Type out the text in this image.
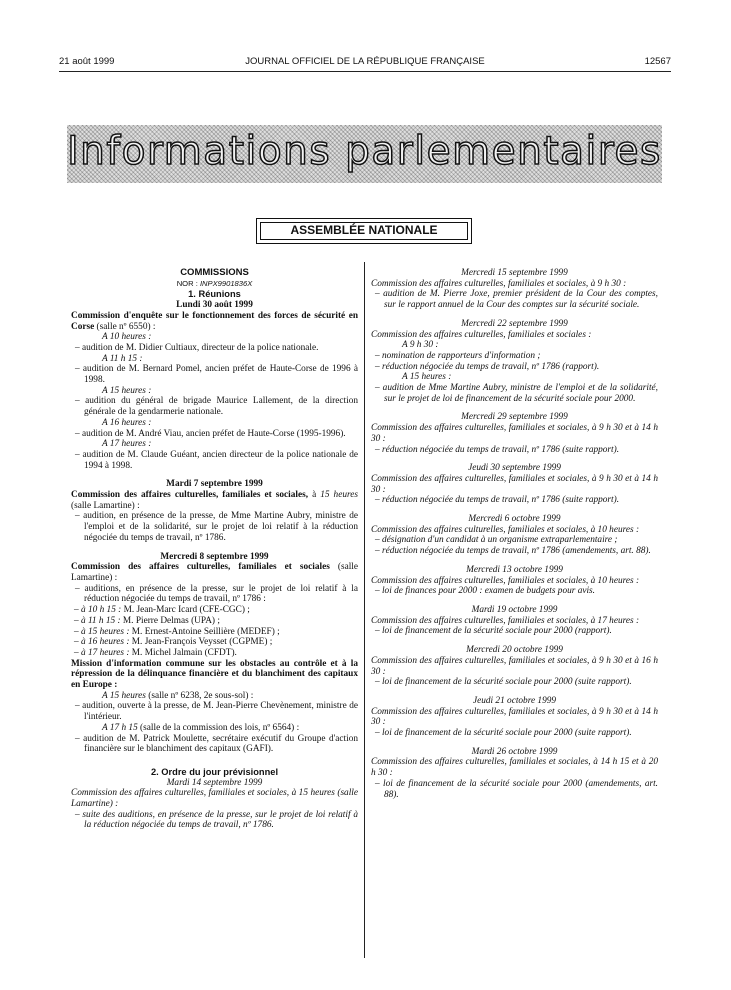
21 août 1999	JOURNAL OFFICIEL DE LA RÉPUBLIQUE FRANÇAISE	12567
Informations parlementaires
ASSEMBLÉE NATIONALE

COMMISSIONS

NOR : INPX9901836X

1. Réunions

Lundi 30 août 1999

Commission d'enquête sur le fonctionnement des forces de sécurité en Corse (salle nº 6550) :

A 10 heures :

– audition de M. Didier Cultiaux, directeur de la police nationale.

A 11 h 15 :

– audition de M. Bernard Pomel, ancien préfet de Haute-Corse de 1996 à 1998.

A 15 heures :

– audition du général de brigade Maurice Lallement, de la direction générale de la gendarmerie nationale.

A 16 heures :

– audition de M. André Viau, ancien préfet de Haute-Corse (1995-1996).

A 17 heures :

– audition de M. Claude Guéant, ancien directeur de la police nationale de 1994 à 1998.

Mardi 7 septembre 1999

Commission des affaires culturelles, familiales et sociales, à 15 heures (salle Lamartine) :

– audition, en présence de la presse, de Mme Martine Aubry, ministre de l'emploi et de la solidarité, sur le projet de loi relatif à la réduction négociée du temps de travail, nº 1786.

Mercredi 8 septembre 1999

Commission des affaires culturelles, familiales et sociales (salle Lamartine) :

– auditions, en présence de la presse, sur le projet de loi relatif à la réduction négociée du temps de travail, nº 1786 :

– à 10 h 15 : M. Jean-Marc Icard (CFE-CGC) ;

– à 11 h 15 : M. Pierre Delmas (UPA) ;

– à 15 heures : M. Ernest-Antoine Seillière (MEDEF) ;

– à 16 heures : M. Jean-François Veysset (CGPME) ;

– à 17 heures : M. Michel Jalmain (CFDT).

Mission d'information commune sur les obstacles au contrôle et à la répression de la délinquance financière et du blanchiment des capitaux en Europe :

A 15 heures (salle nº 6238, 2e sous-sol) :

– audition, ouverte à la presse, de M. Jean-Pierre Chevènement, ministre de l'intérieur.

A 17 h 15 (salle de la commission des lois, nº 6564) :

– audition de M. Patrick Moulette, secrétaire exécutif du Groupe d'action financière sur le blanchiment des capitaux (GAFI).

2. Ordre du jour prévisionnel

Mardi 14 septembre 1999

Commission des affaires culturelles, familiales et sociales, à 15 heures (salle Lamartine) :

– suite des auditions, en présence de la presse, sur le projet de loi relatif à la réduction négociée du temps de travail, nº 1786.

Mercredi 15 septembre 1999

Commission des affaires culturelles, familiales et sociales, à 9 h 30 :

– audition de M. Pierre Joxe, premier président de la Cour des comptes, sur le rapport annuel de la Cour des comptes sur la sécurité sociale.

Mercredi 22 septembre 1999

Commission des affaires culturelles, familiales et sociales :

A 9 h 30 :

– nomination de rapporteurs d'information ;

– réduction négociée du temps de travail, nº 1786 (rapport).

A 15 heures :

– audition de Mme Martine Aubry, ministre de l'emploi et de la solidarité, sur le projet de loi de financement de la sécurité sociale pour 2000.

Mercredi 29 septembre 1999

Commission des affaires culturelles, familiales et sociales, à 9 h 30 et à 14 h 30 :

– réduction négociée du temps de travail, nº 1786 (suite rapport).

Jeudi 30 septembre 1999

Commission des affaires culturelles, familiales et sociales, à 9 h 30 et à 14 h 30 :

– réduction négociée du temps de travail, nº 1786 (suite rapport).

Mercredi 6 octobre 1999

Commission des affaires culturelles, familiales et sociales, à 10 heures :

– désignation d'un candidat à un organisme extraparlementaire ;

– réduction négociée du temps de travail, nº 1786 (amendements, art. 88).

Mercredi 13 octobre 1999

Commission des affaires culturelles, familiales et sociales, à 10 heures :

– loi de finances pour 2000 : examen de budgets pour avis.

Mardi 19 octobre 1999

Commission des affaires culturelles, familiales et sociales, à 17 heures :

– loi de financement de la sécurité sociale pour 2000 (rapport).

Mercredi 20 octobre 1999

Commission des affaires culturelles, familiales et sociales, à 9 h 30 et à 16 h 30 :

– loi de financement de la sécurité sociale pour 2000 (suite rapport).

Jeudi 21 octobre 1999

Commission des affaires culturelles, familiales et sociales, à 9 h 30 et à 14 h 30 :

– loi de financement de la sécurité sociale pour 2000 (suite rapport).

Mardi 26 octobre 1999

Commission des affaires culturelles, familiales et sociales, à 14 h 15 et à 20 h 30 :

– loi de financement de la sécurité sociale pour 2000 (amendements, art. 88).
